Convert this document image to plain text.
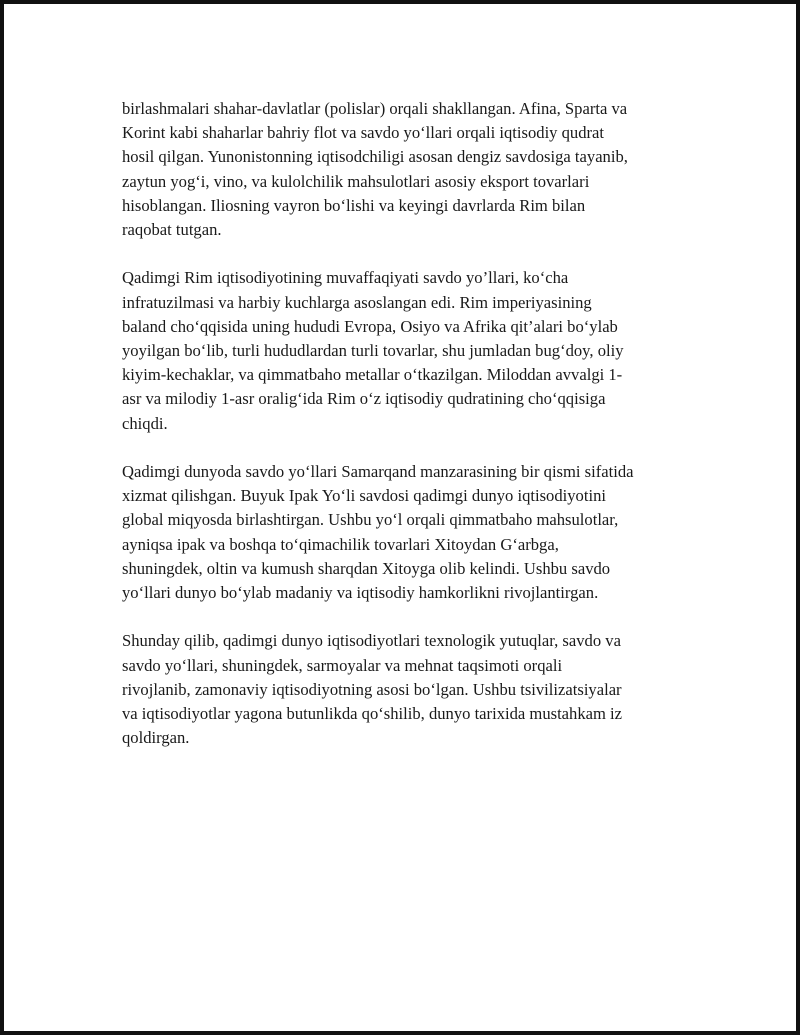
birlashmalari shahar-davlatlar (polislar) orqali shakllangan. Afina, Sparta va
Korint kabi shaharlar bahriy flot va savdo yo‘llari orqali iqtisodiy qudrat
hosil qilgan. Yunonistonning iqtisodchiligi asosan dengiz savdosiga tayanib,
zaytun yog‘i, vino, va kulolchilik mahsulotlari asosiy eksport tovarlari
hisoblangan. Iliosning vayron bo‘lishi va keyingi davrlarda Rim bilan
raqobat tutgan.

Qadimgi Rim iqtisodiyotining muvaffaqiyati savdo yo’llari, ko‘cha
infratuzilmasi va harbiy kuchlarga asoslangan edi. Rim imperiyasining
baland cho‘qqisida uning hududi Evropa, Osiyo va Afrika qit’alari bo‘ylab
yoyilgan bo‘lib, turli hududlardan turli tovarlar, shu jumladan bug‘doy, oliy
kiyim-kechaklar, va qimmatbaho metallar o‘tkazilgan. Miloddan avvalgi 1-
asr va milodiy 1-asr oralig‘ida Rim o‘z iqtisodiy qudratining cho‘qqisiga
chiqdi.

Qadimgi dunyoda savdo yo‘llari Samarqand manzarasining bir qismi sifatida
xizmat qilishgan. Buyuk Ipak Yo‘li savdosi qadimgi dunyo iqtisodiyotini
global miqyosda birlashtirgan. Ushbu yo‘l orqali qimmatbaho mahsulotlar,
ayniqsa ipak va boshqa to‘qimachilik tovarlari Xitoydan G‘arbga,
shuningdek, oltin va kumush sharqdan Xitoyga olib kelindi. Ushbu savdo
yo‘llari dunyo bo‘ylab madaniy va iqtisodiy hamkorlikni rivojlantirgan.

Shunday qilib, qadimgi dunyo iqtisodiyotlari texnologik yutuqlar, savdo va
savdo yo‘llari, shuningdek, sarmoyalar va mehnat taqsimoti orqali
rivojlanib, zamonaviy iqtisodiyotning asosi bo‘lgan. Ushbu tsivilizatsiyalar
va iqtisodiyotlar yagona butunlikda qo‘shilib, dunyo tarixida mustahkam iz
qoldirgan.
